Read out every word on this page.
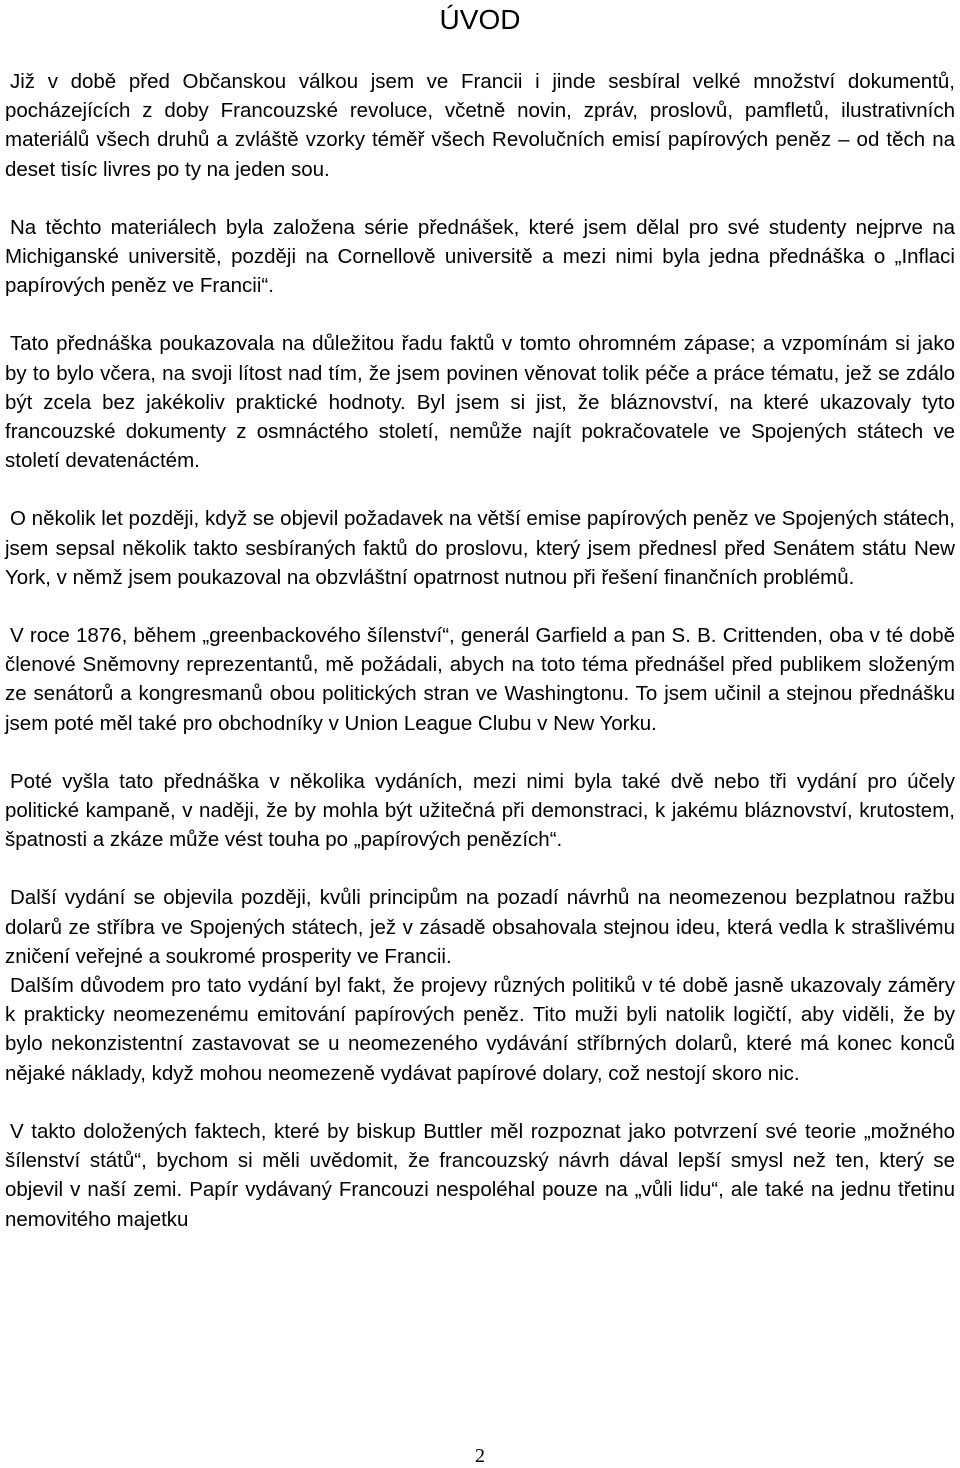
ÚVOD

Již v době před Občanskou válkou jsem ve Francii i jinde sesbíral velké množství dokumentů, pocházejících z doby Francouzské revoluce, včetně novin, zpráv, proslovů, pamfletů, ilustrativních materiálů všech druhů a zvláště vzorky téměř všech Revolučních emisí papírových peněz – od těch na deset tisíc livres po ty na jeden sou.

Na těchto materiálech byla založena série přednášek, které jsem dělal pro své studenty nejprve na Michiganské universitě, později na Cornellově universitě a mezi nimi byla jedna přednáška o „Inflaci papírových peněz ve Francii“.

Tato přednáška poukazovala na důležitou řadu faktů v tomto ohromném zápase; a vzpomínám si jako by to bylo včera, na svoji lítost nad tím, že jsem povinen věnovat tolik péče a práce tématu, jež se zdálo být zcela bez jakékoliv praktické hodnoty. Byl jsem si jist, že bláznovství, na které ukazovaly tyto francouzské dokumenty z osmnáctého století, nemůže najít pokračovatele ve Spojených státech ve století devatenáctém.

O několik let později, když se objevil požadavek na větší emise papírových peněz ve Spojených státech, jsem sepsal několik takto sesbíraných faktů do proslovu, který jsem přednesl před Senátem státu New York, v němž jsem poukazoval na obzvláštní opatrnost nutnou při řešení finančních problémů.

V roce 1876, během „greenbackového šílenství“, generál Garfield a pan S. B. Crittenden, oba v té době členové Sněmovny reprezentantů, mě požádali, abych na toto téma přednášel před publikem složeným ze senátorů a kongresmanů obou politických stran ve Washingtonu. To jsem učinil a stejnou přednášku jsem poté měl také pro obchodníky v Union League Clubu v New Yorku.

Poté vyšla tato přednáška v několika vydáních, mezi nimi byla také dvě nebo tři vydání pro účely politické kampaně, v naději, že by mohla být užitečná při demonstraci, k jakému bláznovství, krutostem, špatnosti a zkáze může vést touha po „papírových penězích“.

Další vydání se objevila později, kvůli principům na pozadí návrhů na neomezenou bezplatnou ražbu dolarů ze stříbra ve Spojených státech, jež v zásadě obsahovala stejnou ideu, která vedla k strašlivému zničení veřejné a soukromé prosperity ve Francii.

Dalším důvodem pro tato vydání byl fakt, že projevy různých politiků v té době jasně ukazovaly záměry k prakticky neomezenému emitování papírových peněz. Tito muži byli natolik logičtí, aby viděli, že by bylo nekonzistentní zastavovat se u neomezeného vydávání stříbrných dolarů, které má konec konců nějaké náklady, když mohou neomezeně vydávat papírové dolary, což nestojí skoro nic.

V takto doložených faktech, které by biskup Buttler měl rozpoznat jako potvrzení své teorie „možného šílenství států“, bychom si měli uvědomit, že francouzský návrh dával lepší smysl než ten, který se objevil v naší zemi. Papír vydávaný Francouzi nespoléhal pouze na „vůli lidu“, ale také na jednu třetinu nemovitého majetku

2
